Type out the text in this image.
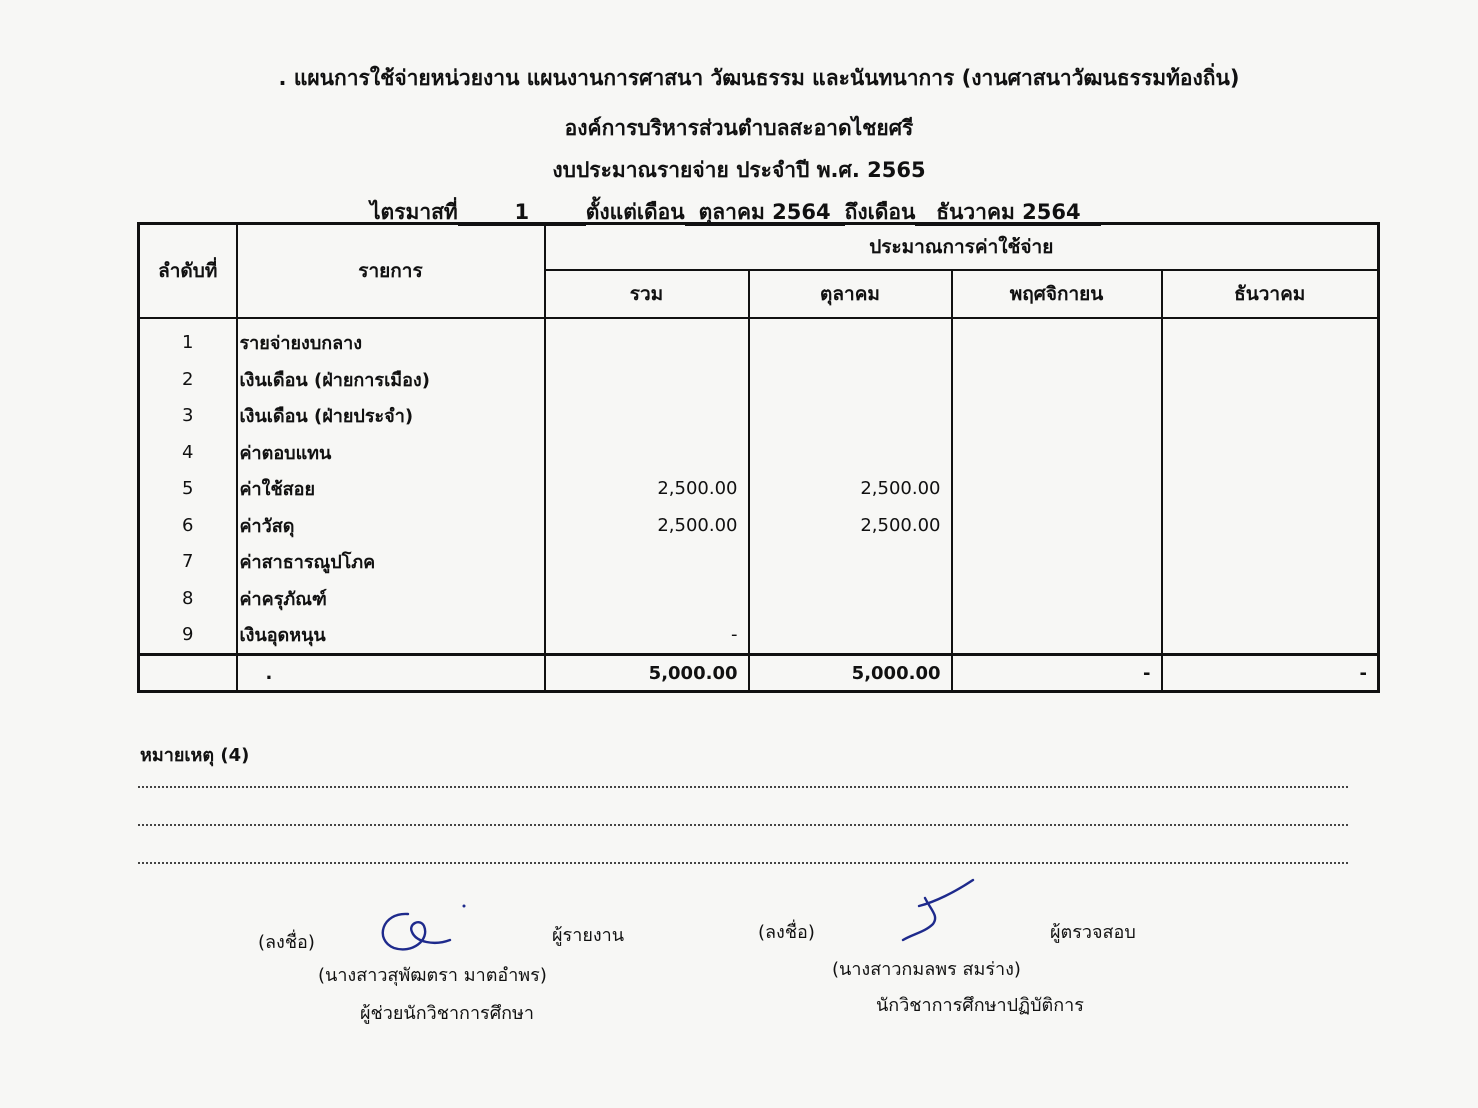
. แผนการใช้จ่ายหน่วยงาน แผนงานการศาสนา วัฒนธรรม และนันทนาการ (งานศาสนาวัฒนธรรมท้องถิ่น)
องค์การบริหารส่วนตำบลสะอาดไชยศรี
งบประมาณรายจ่าย ประจำปี พ.ศ. 2565
ไตรมาสที่	1	ตั้งแต่เดือน ตุลาคม 2564 ถึงเดือน ธันวาคม 2564
ลำดับที่	รายการ	ประมาณการค่าใช้จ่าย			
		รวม	ตุลาคม	พฤศจิกายน	ธันวาคม
1	รายจ่ายงบกลาง				
2	เงินเดือน (ฝ่ายการเมือง)				
3	เงินเดือน (ฝ่ายประจำ)				
4	ค่าตอบแทน				
5	ค่าใช้สอย	2,500.00	2,500.00		
6	ค่าวัสดุ	2,500.00	2,500.00		
7	ค่าสาธารณูปโภค				
8	ค่าครุภัณฑ์				
9	เงินอุดหนุน	-			
	.	5,000.00	5,000.00	-	-
หมายเหตุ (4)
(ลงชื่อ)	ผู้รายงาน
(นางสาวสุพัฒตรา มาตอำพร)
ผู้ช่วยนักวิชาการศึกษา
(ลงชื่อ)	ผู้ตรวจสอบ
(นางสาวกมลพร สมร่าง)
นักวิชาการศึกษาปฏิบัติการ
